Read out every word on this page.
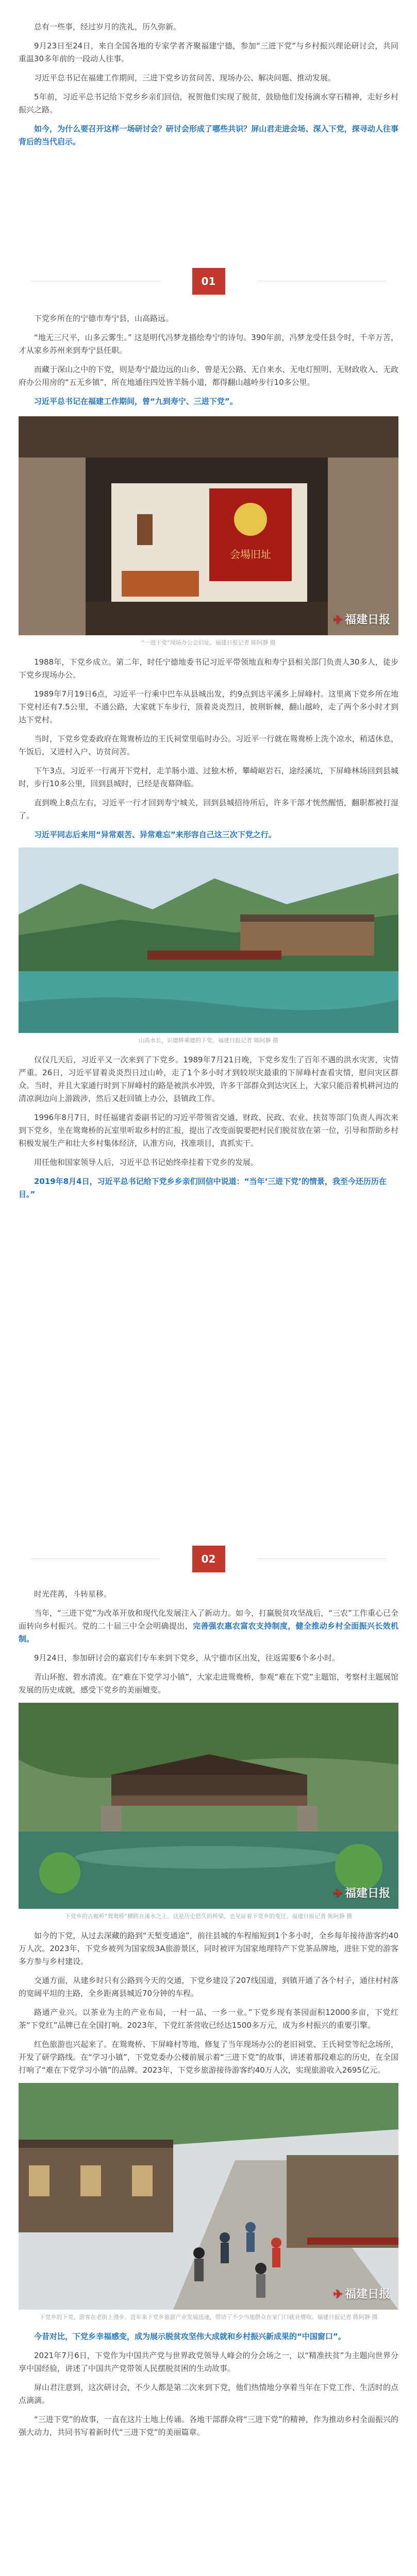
总有一些事，经过岁月的洗礼，历久弥新。

9月23日至24日，来自全国各地的专家学者齐聚福建宁德，参加“三进下党”与乡村振兴理论研讨会，共同重温30多年前的一段动人往事。

习近平总书记在福建工作期间，三进下党乡访贫问苦、现场办公、解决问题、推动发展。

5年前，习近平总书记给下党乡乡亲们回信，祝贺他们实现了脱贫，鼓励他们发扬滴水穿石精神，走好乡村振兴之路。

如今，为什么要召开这样一场研讨会？研讨会形成了哪些共识？屏山君走进会场、深入下党，探寻动人往事背后的当代启示。

01

下党乡所在的宁德市寿宁县，山高路远。

“地无三尺平，山多云雾生。” 这是明代冯梦龙描绘寿宁的诗句。390年前，冯梦龙受任县令时，千辛万苦，才从家乡苏州来到寿宁县任职。

而藏于深山之中的下党，则是寿宁最边远的山乡，曾是无公路、无自来水、无电灯照明、无财政收入、无政府办公用房的“五无乡镇”，所在地通往四处皆羊肠小道，都得翻山越岭步行10多公里。

习近平总书记在福建工作期间，曾“九到寿宁、三进下党”。

会場旧址
✈ 福建日报

“一进下党”现场办公会旧址。福建日报记者 陈阿静 摄

1988年，下党乡成立。第二年，时任宁德地委书记习近平带领地直和寿宁县相关部门负责人30多人，徒步下党乡现场办公。

1989年7月19日6点，习近平一行乘中巴车从县城出发，约9点到达平溪乡上屏峰村。这里离下党乡所在地下党村还有7.5公里，不通公路，大家就下车步行，顶着炎炎烈日，披荆斩棘，翻山越岭，走了两个多小时才到达下党村。

当时，下党乡党委政府在鸳鸯桥边的王氏祠堂里临时办公。习近平一行就在鸳鸯桥上洗个凉水，稍适休息，午饭后，又进村入户、访贫问苦。

下午3点，习近平一行离开下党村，走羊肠小道、过独木桥，攀崎岖岩石，途经溪坑，下屏峰林场回到县城时，步行10多公里，回到县城时，已经是夜幕降临。

直到晚上8点左右，习近平一行才回到寿宁城关，回到县城招待所后，许多干部才恍然醒悟，翻职都被打湿了。

习近平同志后来用“异常艰苦、异常难忘”来形容自己这三次下党之行。

山高水长，识德辉乘德的下党。福建日报记者 陈阿静 摄

仅仅几天后，习近平又一次来到了下党乡。1989年7月21日晚，下党乡发生了百年不遇的洪水灾害，灾情严重。26日，习近平冒着炎炎烈日过山岭，走了1个多小时才到较坝灾最重的下屏峰村查看灾情，慰问灾区群众。当时，并且大家通行时到下屏峰村的路是被洪水冲毁，许多干部群众到达灾区上，大家只能沿着机耕河边的清凉涧边向上游跋涉，然后又赶回镇上办公，县镇政工作。

1996年8月7日，时任福建省委副书记的习近平带领省交通、财政、民政、农业、扶贫等部门负责人再次来到下党乡，坐在鸳鸯桥的瓦室里听取乡村的汇报，提出了改变面貌要把村民们脱贫放在第一位，引导和帮助乡村积极发展生产和壮大乡村集体经济，认准方向，找准项目，真抓实干。

用任他和国家领导人后，习近平总书记始终牵挂着下党乡的发展。

2019年8月4日，习近平总书记给下党乡乡亲们回信中说道：“当年‘三进下党’的情景，我至今还历历在目。”

02

时光荏苒，斗转星移。

当年，“三进下党”为改革开放和现代化发展注入了新动力。如今，打赢脱贫攻坚战后，“三农”工作重心已全面转向乡村振兴。党的二十届三中全会明确提出，完善强农惠农富农支持制度，健全推动乡村全面振兴长效机制。

9月24日，参加研讨会的嘉宾们专车来到下党乡，从宁德市区出发，往返需要6个多小时。

青山环抱、碧水清流。在“难在下党学习小镇”，大家走进鸳鸯桥，参观“难在下党”主题馆，考察村主题展馆发展的历史成就，感受下党乡的美丽嬗变。

✈ 福建日报

下党乡的古廊桥“鸳鸯桥”横跨在溪水之上。这是历史悠久的桥梁，也见证着下党乡的变迁。福建日报记者 陈阿静 摄

如今的下党，从过去深藏的路到“天堑变通途”，前往县城的车程缩短到1个多小时，全乡每年接待游客约40万人次。2023年，下党乡被列为国家级3A旅游景区，同时被评为国家地理特产下党茶品牌地，进驻下党的游客多方参与乡村建设。

交通方面，从建乡时只有公路到今天的交通，下党乡建设了207线国道，到镇开通了各个村子，通往村村落的宽阔平坦的主路，全乡距离县城近70分钟的车程。

路通产业兴。以茶业为主的产业布局，一村一品、一乡一业。”下党乡现有茶园面积12000多亩，下党红茶“下党红”品牌已在全国打响。2023年，下党红茶营收已经达1500多万元，成为乡村振兴的重要引擎。

红色旅游也兴起来了。在鸳鸯桥、下屏峰村等地，修复了当年现场办公的老旧祠堂、王氏祠堂等纪念场所，开发了研学路线。在“学习小镇”，下党党委办公楼前展示着“三进下党”的故事，讲述着那段难忘的历史，在全国打响了“难在下党学习小镇”的品牌。2023年，下党乡旅游接待游客约40万人次，实现旅游收入2695亿元。

✈ 福建日报

下党乡的下党，游客在老街上漫步。近年来下党乡旅游产业发展迅速，带动了不少当地群众在家门口就业增收。福建日报记者 陈阿静 摄

今昔对比，下党乡幸福感变，成为展示脱贫攻坚伟大成就和乡村振兴新成果的“中国窗口”。

2021年7月6日，下党作为中国共产党与世界政党领导人峰会的分会场之一，以“精准扶贫”为主题向世界分享中国经验，讲述了中国共产党带领人民摆脱贫困的生动故事。

屏山君注意到，这次研讨会，不少人都是第二次来到下党，他们热情地分享着当年在下党工作、生活时的点点滴滴。

“三进下党”的故事，一直在这片土地上传诵。各地干部群众将“三进下党”的精神，作为推动乡村全面振兴的强大动力，共同书写着新时代“三进下党”的美丽篇章。
